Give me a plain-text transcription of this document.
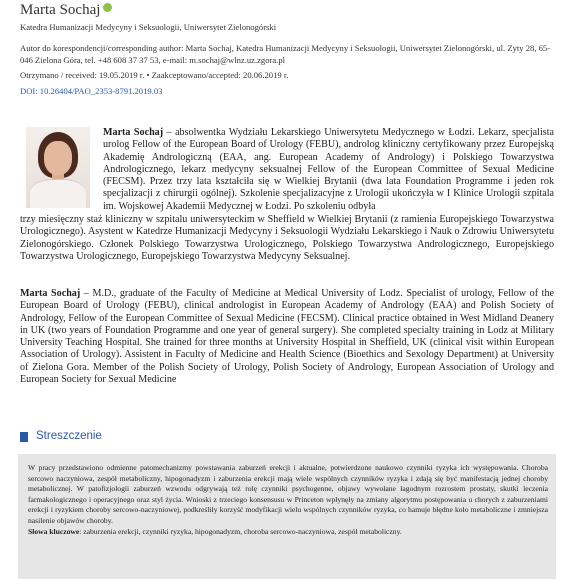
Marta Sochaj
Katedra Humanizacji Medycyny i Seksuologii, Uniwersytet Zielonogórski
Autor do korespondencji/corresponding author: Marta Sochaj, Katedra Humanizacji Medycyny i Seksuologii, Uniwersytet Zielonogórski, ul. Zyty 28, 65-046 Zielona Góra, tel. +48 608 37 37 53, e-mail: m.sochaj@wlnz.uz.zgora.pl
Otrzymano / received: 19.05.2019 r. • Zaakceptowano/accepted: 20.06.2019 r.
DOI: 10.26404/PAO_2353-8791.2019.03
Marta Sochaj – absolwentka Wydziału Lekarskiego Uniwersytetu Medycznego w Łodzi. Lekarz, specjalista urolog Fellow of the European Board of Urology (FEBU), androlog kliniczny certyfikowany przez Europejską Akademię Andrologiczną (EAA, ang. European Academy of Andrology) i Polskiego Towarzystwa Andrologicznego, lekarz medycyny seksualnej Fellow of the European Committee of Sexual Medicine (FECSM). Przez trzy lata kształciła się w Wielkiej Brytanii (dwa lata Foundation Programme i jeden rok specjalizacji z chirurgii ogólnej). Szkolenie specjalizacyjne z Urologii ukończyła w I Klinice Urologii szpitala im. Wojskowej Akademii Medycznej w Łodzi. Po szkoleniu odbyła
trzy miesięczny staż kliniczny w szpitalu uniwersyteckim w Sheffield w Wielkiej Brytanii (z ramienia Europejskiego Towarzystwa Urologicznego). Asystent w Katedrze Humanizacji Medycyny i Seksuologii Wydziału Lekarskiego i Nauk o Zdrowiu Uniwersytetu Zielonogórskiego. Członek Polskiego Towarzystwa Urologicznego, Polskiego Towarzystwa Andrologicznego, Europejskiego Towarzystwa Urologicznego, Europejskiego Towarzystwa Medycyny Seksualnej.
Marta Sochaj – M.D., graduate of the Faculty of Medicine at Medical University of Lodz. Specialist of urology, Fellow of the European Board of Urology (FEBU), clinical andrologist in European Academy of Andrology (EAA) and Polish Society of Andrology, Fellow of the European Committee of Sexual Medicine (FECSM). Clinical practice obtained in West Midland Deanery in UK (two years of Foundation Programme and one year of general surgery). She completed specialty training in Lodz at Military University Teaching Hospital. She trained for three months at University Hospital in Sheffield, UK (clinical visit within European Association of Urology). Assistent in Faculty of Medicine and Health Science (Bioethics and Sexology Department) at University of Zielona Gora. Member of the Polish Society of Urology, Polish Society of Andrology, European Association of Urology and European Society for Sexual Medicine
Streszczenie
W pracy przedstawiono odmienne patomechanizmy powstawania zaburzeń erekcji i aktualne, potwierdzone naukowo czynniki ryzyka ich występowania. Choroba sercowo naczyniowa, zespół metaboliczny, hipogonadyzm i zaburzenia erekcji mają wiele wspólnych czynników ryzyka i zdają się być manifestacją jednej choroby metabolicznej. W patofizjologii zaburzeń wzwodu odgrywają też rolę czynniki psychogenne, objawy wywołane łagodnym rozrostem prostaty, skutki leczenia farmakologicznego i operacyjnego oraz styl życia. Wnioski z trzeciego konsensusu w Princeton wpłynęły na zmiany algorytmu postępowania u chorych z zaburzeniami erekcji i ryzykiem choroby sercowo-naczyniowej, podkreśliły korzyść modyfikacji wielu wspólnych czynników ryzyka, co hamuje błędne koło metaboliczne i zmniejsza nasilenie objawów choroby.
Słowa kluczowe: zaburzenia erekcji, czynniki ryzyka, hipogonadyzm, choroba sercowo-naczyniowa, zespół metaboliczny.
